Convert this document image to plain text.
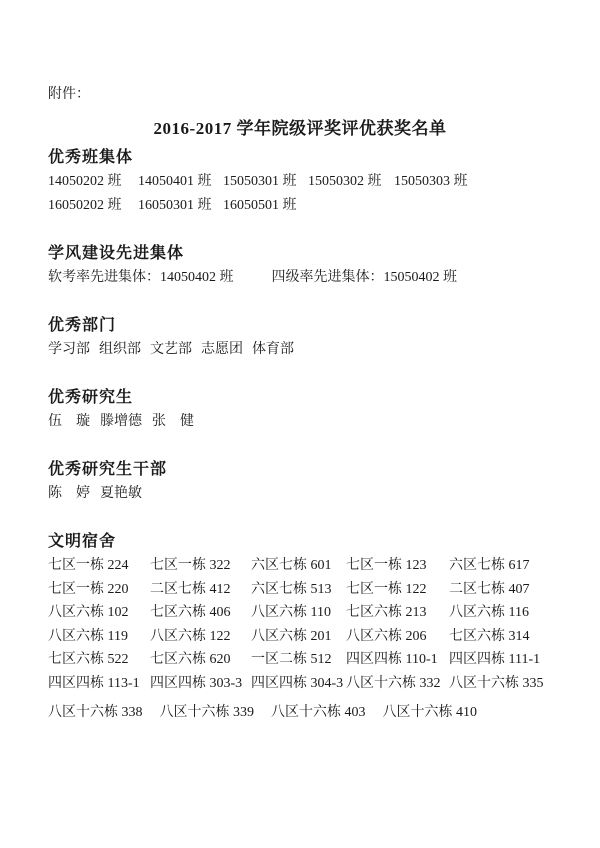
附件：
2016-2017 学年院级评奖评优获奖名单
优秀班集体
14050202 班	14050401 班 15050301 班 15050302 班 15050303 班
16050202 班	16050301 班 16050501 班
学风建设先进集体
软考率先进集体：14050402 班	四级率先进集体：15050402 班
优秀部门
学习部 组织部 文艺部 志愿团 体育部
优秀研究生
伍　璇 滕增德 张　健
优秀研究生干部
陈　婷 夏艳敏
文明宿舍
七区一栋 224	七区一栋 322	六区七栋 601	七区一栋 123	六区七栋 617
七区一栋 220	二区七栋 412	六区七栋 513	七区一栋 122	二区七栋 407
八区六栋 102	七区六栋 406	八区六栋 110	七区六栋 213	八区六栋 116
八区六栋 119	八区六栋 122	八区六栋 201	八区六栋 206	七区六栋 314
七区六栋 522	七区六栋 620	一区二栋 512	四区四栋 110-1 四区四栋 111-1
四区四栋 113-1 四区四栋 303-3 四区四栋 304-3 八区十六栋 332 八区十六栋 335
八区十六栋 338 八区十六栋 339 八区十六栋 403 八区十六栋 410
